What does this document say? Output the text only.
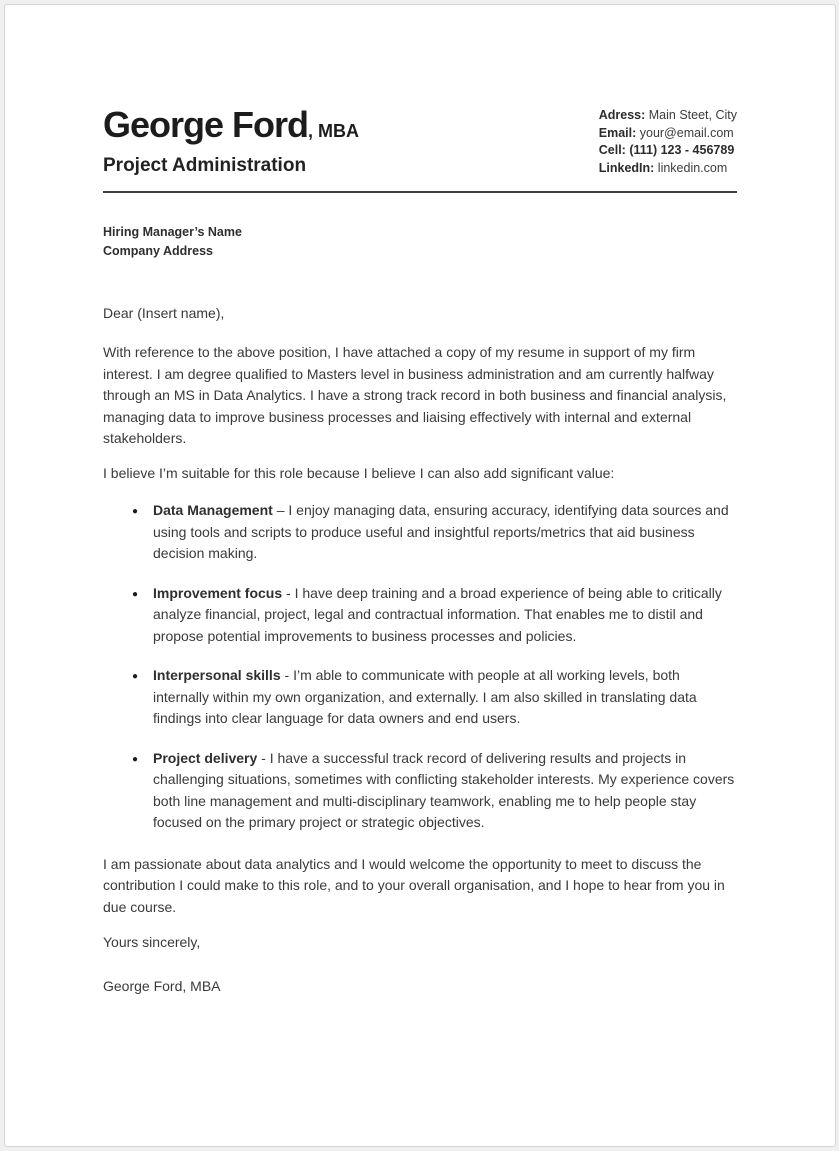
George Ford, MBA
Project Administration
Adress: Main Steet, City
Email: your@email.com
Cell: (111) 123 - 456789
LinkedIn: linkedin.com
Hiring Manager’s Name
Company Address
Dear (Insert name),

With reference to the above position, I have attached a copy of my resume in support of my firm interest. I am degree qualified to Masters level in business administration and am currently halfway through an MS in Data Analytics. I have a strong track record in both business and financial analysis, managing data to improve business processes and liaising effectively with internal and external stakeholders.

I believe I’m suitable for this role because I believe I can also add significant value:

● Data Management – I enjoy managing data, ensuring accuracy, identifying data sources and using tools and scripts to produce useful and insightful reports/metrics that aid business decision making.
● Improvement focus - I have deep training and a broad experience of being able to critically analyze financial, project, legal and contractual information. That enables me to distil and propose potential improvements to business processes and policies.
● Interpersonal skills - I’m able to communicate with people at all working levels, both internally within my own organization, and externally. I am also skilled in translating data findings into clear language for data owners and end users.
● Project delivery - I have a successful track record of delivering results and projects in challenging situations, sometimes with conflicting stakeholder interests. My experience covers both line management and multi-disciplinary teamwork, enabling me to help people stay focused on the primary project or strategic objectives.

I am passionate about data analytics and I would welcome the opportunity to meet to discuss the contribution I could make to this role, and to your overall organisation, and I hope to hear from you in due course.

Yours sincerely,

George Ford, MBA
